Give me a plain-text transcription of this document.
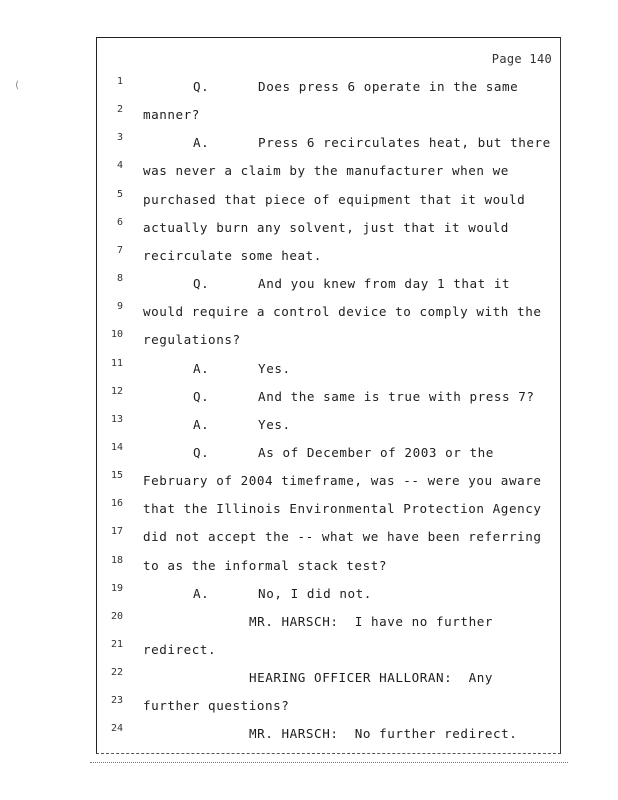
Page 140
1	Q.      Does press 6 operate in the same
2 manner?
3	A.      Press 6 recirculates heat, but there
4 was never a claim by the manufacturer when we
5 purchased that piece of equipment that it would
6 actually burn any solvent, just that it would
7 recirculate some heat.
8	Q.      And you knew from day 1 that it
9 would require a control device to comply with the
10 regulations?
11	A.      Yes.
12	Q.      And the same is true with press 7?
13	A.      Yes.
14	Q.      As of December of 2003 or the
15 February of 2004 timeframe, was -- were you aware
16 that the Illinois Environmental Protection Agency
17 did not accept the -- what we have been referring
18 to as the informal stack test?
19	A.      No, I did not.
20	MR. HARSCH:  I have no further
21 redirect.
22	HEARING OFFICER HALLORAN:  Any
23 further questions?
24	MR. HARSCH:  No further redirect.
(
